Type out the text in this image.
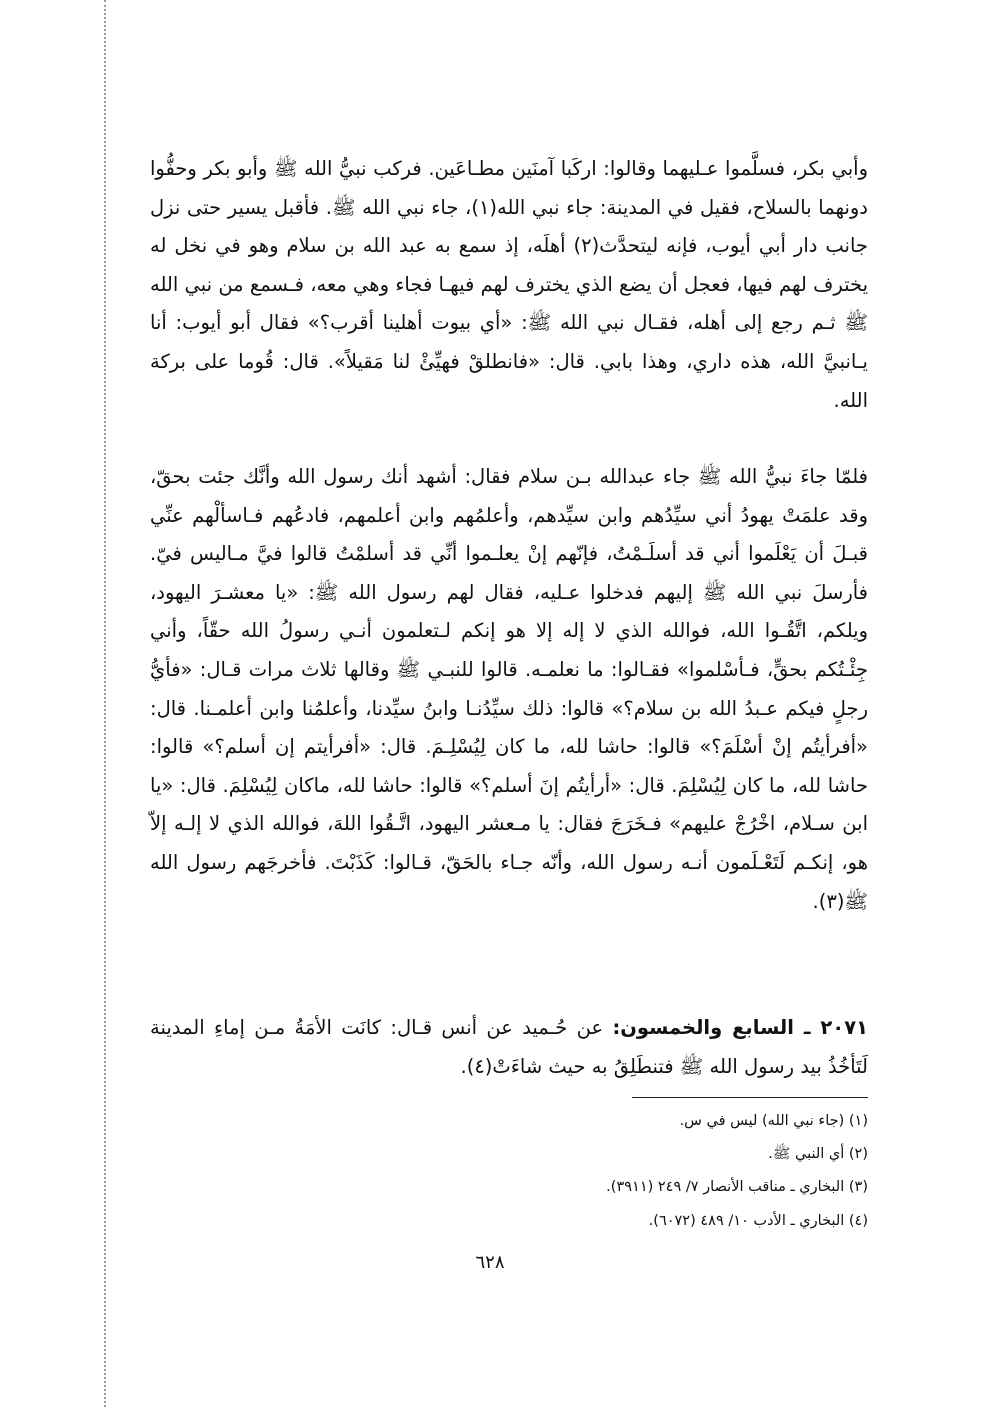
وأبي بكر، فسلَّموا عـليهما وقالوا: اركَبا آمنَين مطـاعَين. فركب نبيُّ الله ﷺ وأبو بكر وحفُّوا دونهما بالسلاح، فقيل في المدينة: جاء نبي الله(١)، جاء نبي الله ﷺ. فأقبل يسير حتى نزل جانب دار أبي أيوب، فإنه ليتحدَّث(٢) أهلَه، إذ سمع به عبد الله بن سلام وهو في نخل له يخترف لهم فيها، فعجل أن يضع الذي يخترف لهم فيهـا فجاء وهي معه، فـسمع من نبي الله ﷺ ثـم رجع إلى أهله، فقـال نبي الله ﷺ: «أي بيوت أهلينا أقرب؟» فقال أبو أيوب: أنا يـانبيَّ الله، هذه داري، وهذا بابي. قال: «فانطلقْ فهيِّئْ لنا مَقيلاً». قال: قُوما على بركة الله.

فلمّا جاءَ نبيُّ الله ﷺ جاء عبدالله بـن سلام فقال: أشهد أنك رسول الله وأنَّك جئت بحقّ، وقد علمَتْ يهودُ أني سيِّدُهم وابن سيِّدهم، وأعلمُهم وابن أعلمهم، فادعُهم فـاسألْهم عنِّي قبـلَ أن يَعْلَموا أني قد أسلَـمْتُ، فإنّهم إنْ يعلـموا أنِّي قد أسلمْتُ قالوا فيَّ مـاليس فيّ. فأرسلَ نبي الله ﷺ إليهم فدخلوا عـليه، فقال لهم رسول الله ﷺ: «يا معشـرَ اليهود، ويلكم، اتَّقُـوا الله، فوالله الذي لا إله إلا هو إنكم لـتعلمون أنـي رسولُ الله حقّاً، وأني جِئْـتُكم بحقٍّ، فـأسْلموا» فقـالوا: ما نعلمـه. قالوا للنبـي ﷺ وقالها ثلاث مرات قـال: «فأيُّ رجلٍ فيكم عـبدُ الله بن سلام؟» قالوا: ذلك سيِّدُنـا وابنُ سيِّدنا، وأعلمُنا وابن أعلمـنا. قال: «أفرأيتُم إنْ أسْلَمَ؟» قالوا: حاشا لله، ما كان لِيُسْلِـمَ. قال: «أفرأيتم إن أسلم؟» قالوا: حاشا لله، ما كان لِيُسْلِمَ. قال: «أرأيتُم إنَ أسلم؟» قالوا: حاشا لله، ماكان لِيُسْلِمَ. قال: «يا ابن سـلام، اخْرُجْ عليهم» فـخَرَجَ فقال: يا مـعشر اليهود، اتَّـقُوا اللهَ، فوالله الذي لا إلـه إلاّ هو، إنكـم لَتَعْـلَمون أنـه رسول الله، وأنّه جـاء بالحَقّ، قـالوا: كَذَبْتَ. فأخرجَهم رسول الله ﷺ(٣).

٢٠٧١ ـ السابع والخمسون: عن حُـميد عن أنس قـال: كانَت الأمَةُ مـن إماءِ المدينة لَتَأخُذُ بيد رسول الله ﷺ فتنطَلِقُ به حيث شاءَتْ(٤).

(١) (جاء نبي الله) ليس في س.
(٢) أي النبي ﷺ.
(٣) البخاري ـ مناقب الأنصار ٧/ ٢٤٩ (٣٩١١).
(٤) البخاري ـ الأدب ١٠/ ٤٨٩ (٦٠٧٢).
٦٢٨
